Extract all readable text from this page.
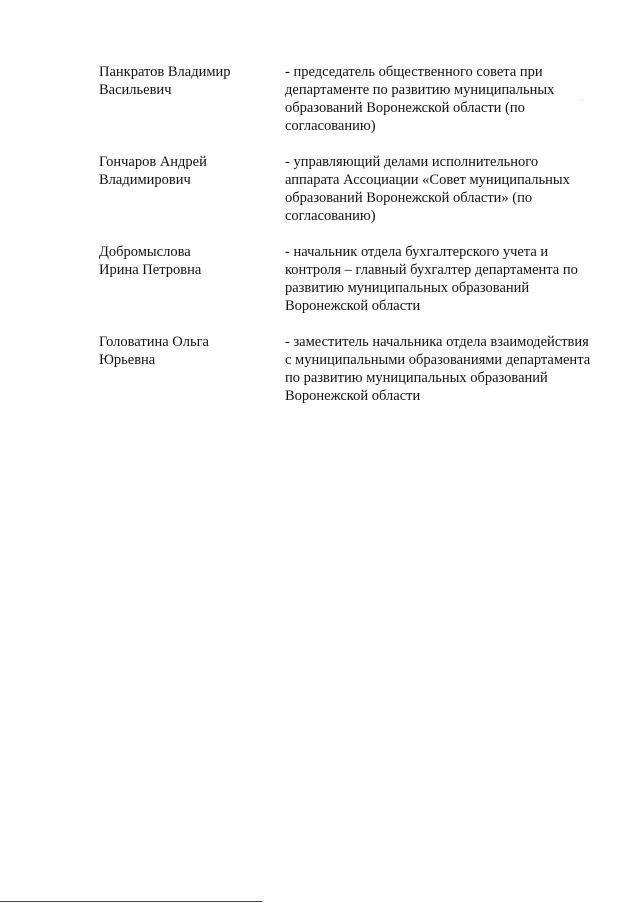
Панкратов Владимир
Васильевич
- председатель общественного совета при
департаменте по развитию муниципальных
образований Воронежской области (по
согласованию)
Гончаров Андрей
Владимирович
- управляющий делами исполнительного
аппарата Ассоциации «Совет муниципальных
образований Воронежской области» (по
согласованию)
Добромыслова
Ирина Петровна
- начальник отдела бухгалтерского учета и
контроля – главный бухгалтер департамента по
развитию муниципальных образований
Воронежской области
Головатина Ольга
Юрьевна
- заместитель начальника отдела взаимодействия
с муниципальными образованиями департамента
по развитию муниципальных образований
Воронежской области
